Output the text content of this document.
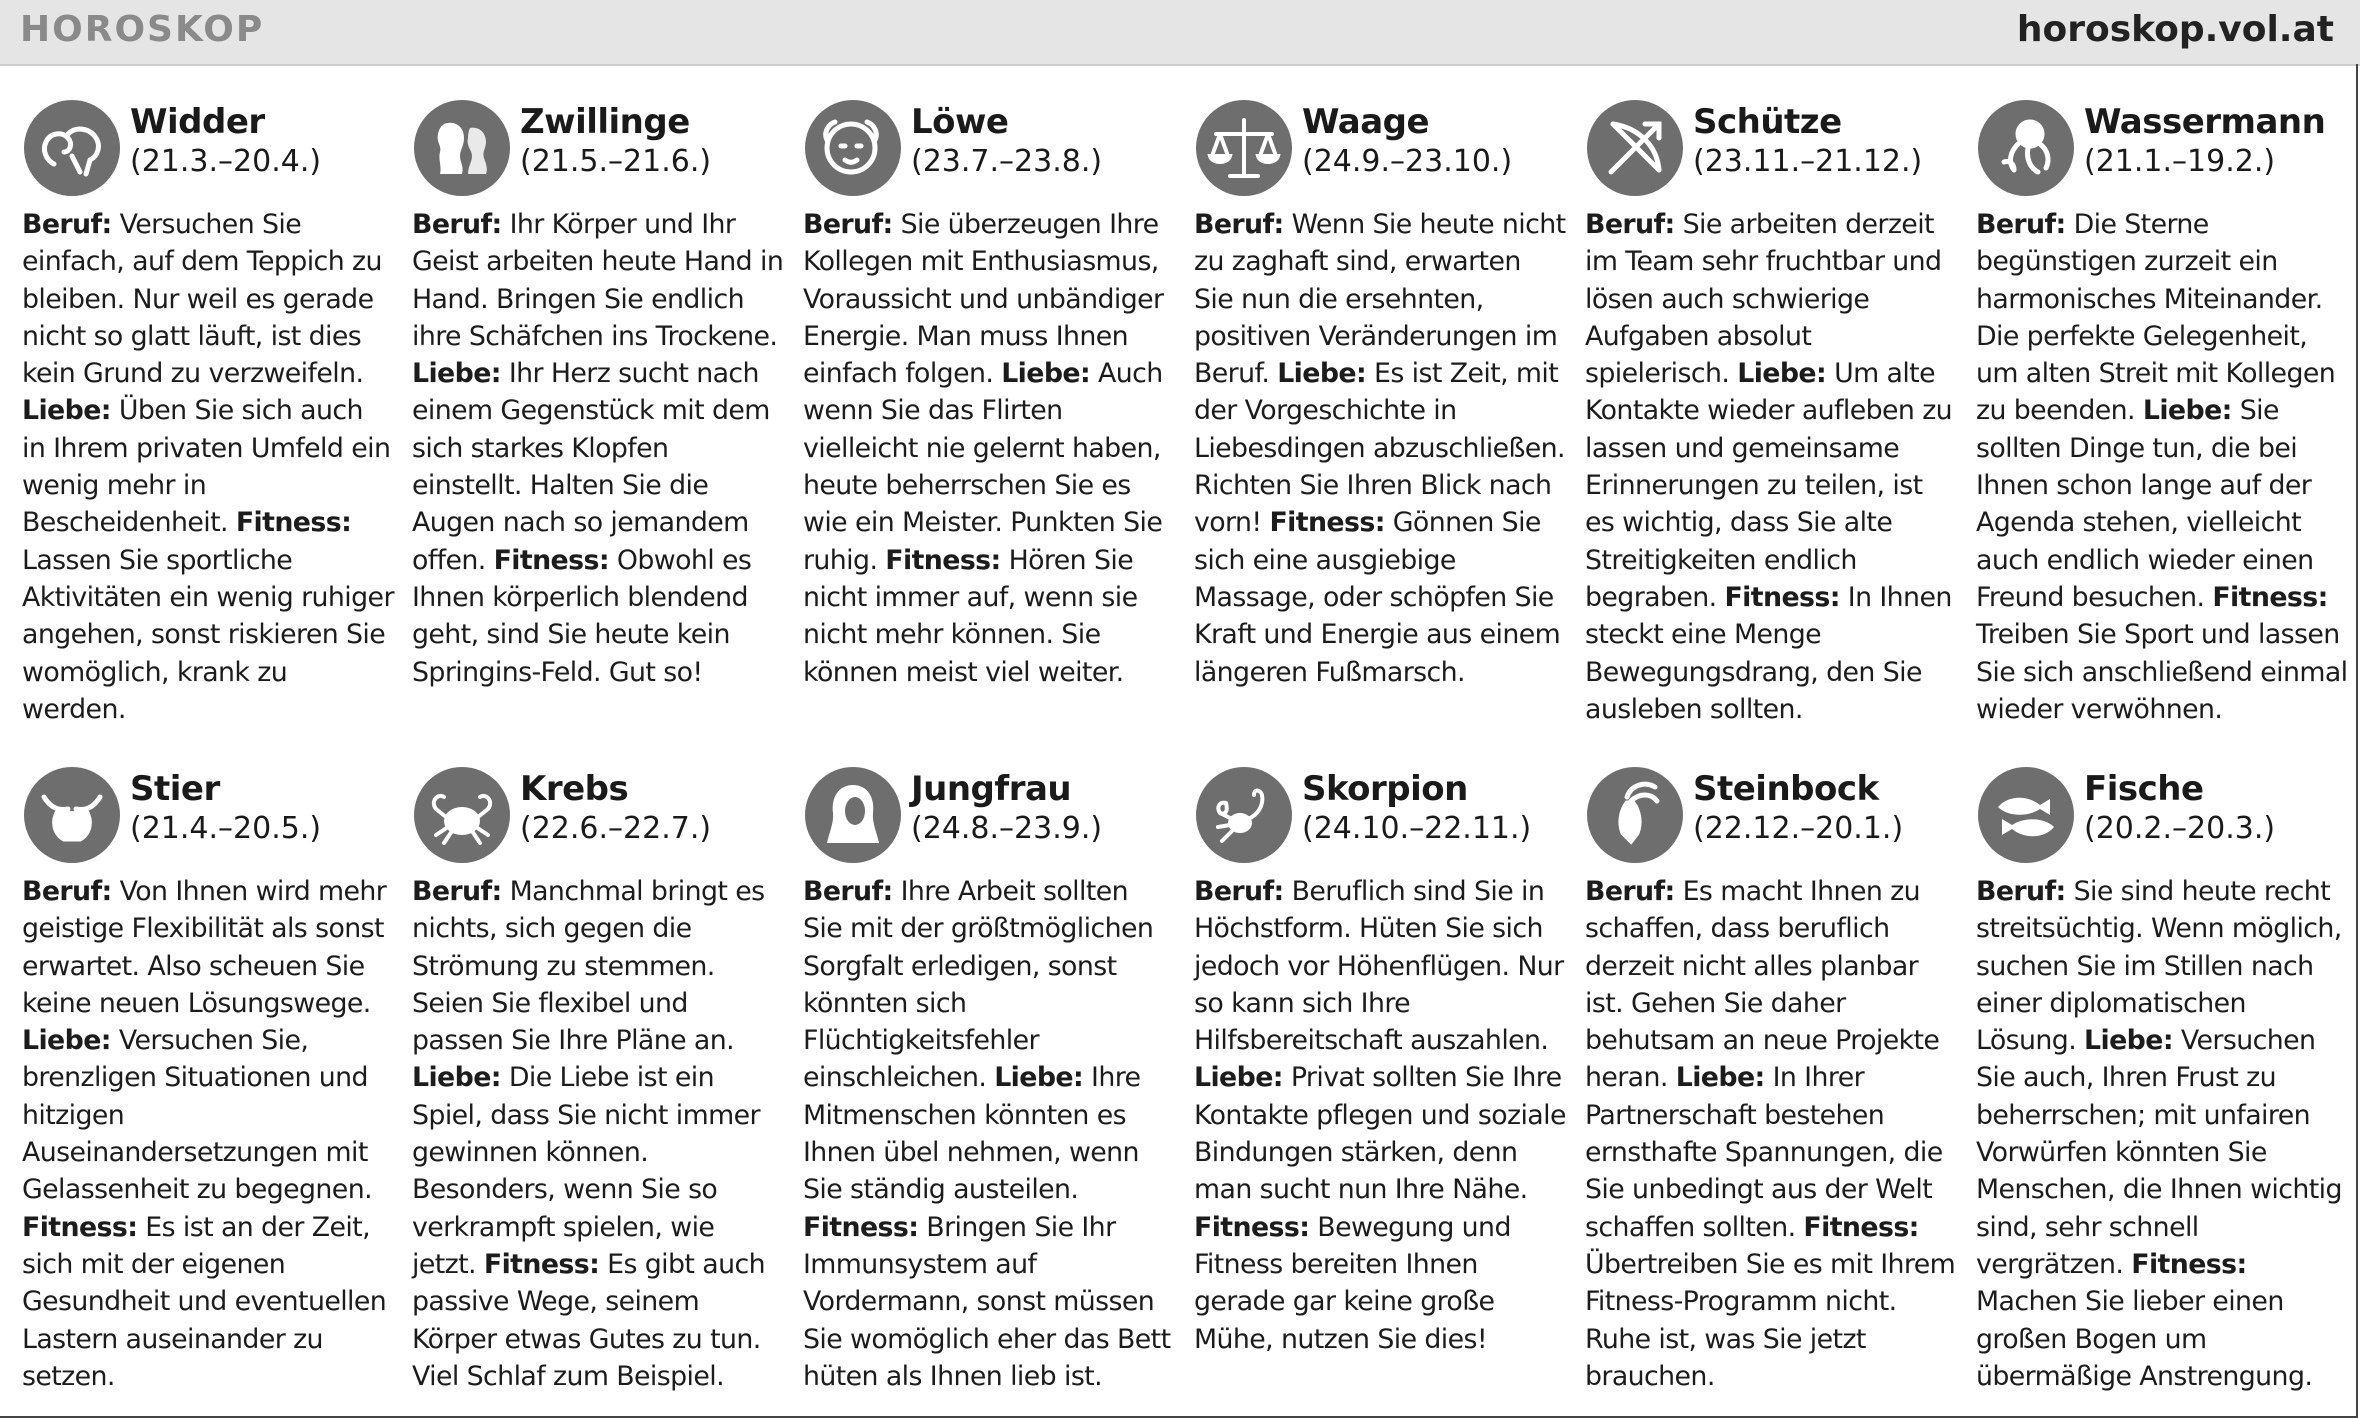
HOROSKOP	horoskop.vol.at
Widder
(21.3.–20.4.)
Beruf: Versuchen Sie einfach, auf dem Teppich zu bleiben. Nur weil es gerade nicht so glatt läuft, ist dies kein Grund zu verzweifeln. Liebe: Üben Sie sich auch in Ihrem privaten Umfeld ein wenig mehr in Bescheidenheit. Fitness: Lassen Sie sportliche Aktivitäten ein wenig ruhiger angehen, sonst riskieren Sie womöglich, krank zu werden.
Zwillinge
(21.5.–21.6.)
Beruf: Ihr Körper und Ihr Geist arbeiten heute Hand in Hand. Bringen Sie endlich ihre Schäfchen ins Trockene. Liebe: Ihr Herz sucht nach einem Gegenstück mit dem sich starkes Klopfen einstellt. Halten Sie die Augen nach so jemandem offen. Fitness: Obwohl es Ihnen körperlich blendend geht, sind Sie heute kein Springins-Feld. Gut so!
Löwe
(23.7.–23.8.)
Beruf: Sie überzeugen Ihre Kollegen mit Enthusiasmus, Voraussicht und unbändiger Energie. Man muss Ihnen einfach folgen. Liebe: Auch wenn Sie das Flirten vielleicht nie gelernt haben, heute beherrschen Sie es wie ein Meister. Punkten Sie ruhig. Fitness: Hören Sie nicht immer auf, wenn sie nicht mehr können. Sie können meist viel weiter.
Waage
(24.9.–23.10.)
Beruf: Wenn Sie heute nicht zu zaghaft sind, erwarten Sie nun die ersehnten, positiven Veränderungen im Beruf. Liebe: Es ist Zeit, mit der Vorgeschichte in Liebesdingen abzuschließen. Richten Sie Ihren Blick nach vorn! Fitness: Gönnen Sie sich eine ausgiebige Massage, oder schöpfen Sie Kraft und Energie aus einem längeren Fußmarsch.
Schütze
(23.11.–21.12.)
Beruf: Sie arbeiten derzeit im Team sehr fruchtbar und lösen auch schwierige Aufgaben absolut spielerisch. Liebe: Um alte Kontakte wieder aufleben zu lassen und gemeinsame Erinnerungen zu teilen, ist es wichtig, dass Sie alte Streitigkeiten endlich begraben. Fitness: In Ihnen steckt eine Menge Bewegungsdrang, den Sie ausleben sollten.
Wassermann
(21.1.–19.2.)
Beruf: Die Sterne begünstigen zurzeit ein harmonisches Miteinander. Die perfekte Gelegenheit, um alten Streit mit Kollegen zu beenden. Liebe: Sie sollten Dinge tun, die bei Ihnen schon lange auf der Agenda stehen, vielleicht auch endlich wieder einen Freund besuchen. Fitness: Treiben Sie Sport und lassen Sie sich anschließend einmal wieder verwöhnen.
Stier
(21.4.–20.5.)
Beruf: Von Ihnen wird mehr geistige Flexibilität als sonst erwartet. Also scheuen Sie keine neuen Lösungswege. Liebe: Versuchen Sie, brenzligen Situationen und hitzigen Auseinandersetzungen mit Gelassenheit zu begegnen. Fitness: Es ist an der Zeit, sich mit der eigenen Gesundheit und eventuellen Lastern auseinander zu setzen.
Krebs
(22.6.–22.7.)
Beruf: Manchmal bringt es nichts, sich gegen die Strömung zu stemmen. Seien Sie flexibel und passen Sie Ihre Pläne an. Liebe: Die Liebe ist ein Spiel, dass Sie nicht immer gewinnen können. Besonders, wenn Sie so verkrampft spielen, wie jetzt. Fitness: Es gibt auch passive Wege, seinem Körper etwas Gutes zu tun. Viel Schlaf zum Beispiel.
Jungfrau
(24.8.–23.9.)
Beruf: Ihre Arbeit sollten Sie mit der größtmöglichen Sorgfalt erledigen, sonst könnten sich Flüchtigkeitsfehler einschleichen. Liebe: Ihre Mitmenschen könnten es Ihnen übel nehmen, wenn Sie ständig austeilen. Fitness: Bringen Sie Ihr Immunsystem auf Vordermann, sonst müssen Sie womöglich eher das Bett hüten als Ihnen lieb ist.
Skorpion
(24.10.–22.11.)
Beruf: Beruflich sind Sie in Höchstform. Hüten Sie sich jedoch vor Höhenflügen. Nur so kann sich Ihre Hilfsbereitschaft auszahlen. Liebe: Privat sollten Sie Ihre Kontakte pflegen und soziale Bindungen stärken, denn man sucht nun Ihre Nähe. Fitness: Bewegung und Fitness bereiten Ihnen gerade gar keine große Mühe, nutzen Sie dies!
Steinbock
(22.12.–20.1.)
Beruf: Es macht Ihnen zu schaffen, dass beruflich derzeit nicht alles planbar ist. Gehen Sie daher behutsam an neue Projekte heran. Liebe: In Ihrer Partnerschaft bestehen ernsthafte Spannungen, die Sie unbedingt aus der Welt schaffen sollten. Fitness: Übertreiben Sie es mit Ihrem Fitness-Programm nicht. Ruhe ist, was Sie jetzt brauchen.
Fische
(20.2.–20.3.)
Beruf: Sie sind heute recht streitsüchtig. Wenn möglich, suchen Sie im Stillen nach einer diplomatischen Lösung. Liebe: Versuchen Sie auch, Ihren Frust zu beherrschen; mit unfairen Vorwürfen könnten Sie Menschen, die Ihnen wichtig sind, sehr schnell vergrätzen. Fitness: Machen Sie lieber einen großen Bogen um übermäßige Anstrengung.
